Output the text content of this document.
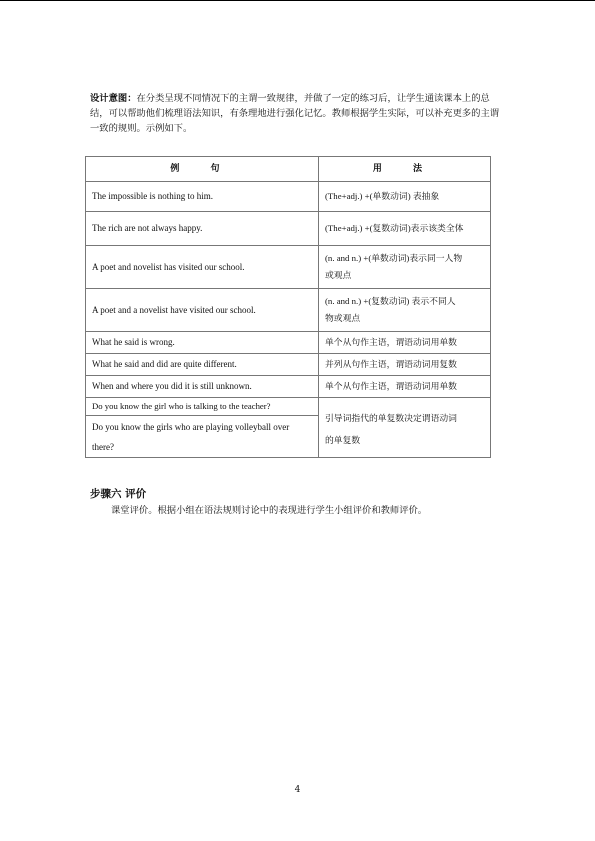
设计意图：在分类呈现不同情况下的主谓一致规律，并做了一定的练习后，让学生通读课本上的总结，可以帮助他们梳理语法知识，有条理地进行强化记忆。教师根据学生实际，可以补充更多的主谓一致的规则。示例如下。

例 句	用 法
The impossible is nothing to him.	(The+adj.) +(单数动词) 表抽象
The rich are not always happy.	(The+adj.) +(复数动词)表示该类全体
A poet and novelist has visited our school.	(n. and n.) +(单数动词)表示同一人物
或观点

A poet and a novelist have visited our school.	(n. and n.) +(复数动词) 表示不同人
物或观点

What he said is wrong.	单个从句作主语，谓语动词用单数
What he said and did are quite different.	并列从句作主语，谓语动词用复数
When and where you did it is still unknown.	单个从句作主语，谓语动词用单数
Do you know the girl who is talking to the teacher?	引导词指代的单复数决定谓语动词
的单复数

Do you know the girls who are playing volleyball over there?	
步骤六 评价
课堂评价。根据小组在语法规则讨论中的表现进行学生小组评价和教师评价。
4
